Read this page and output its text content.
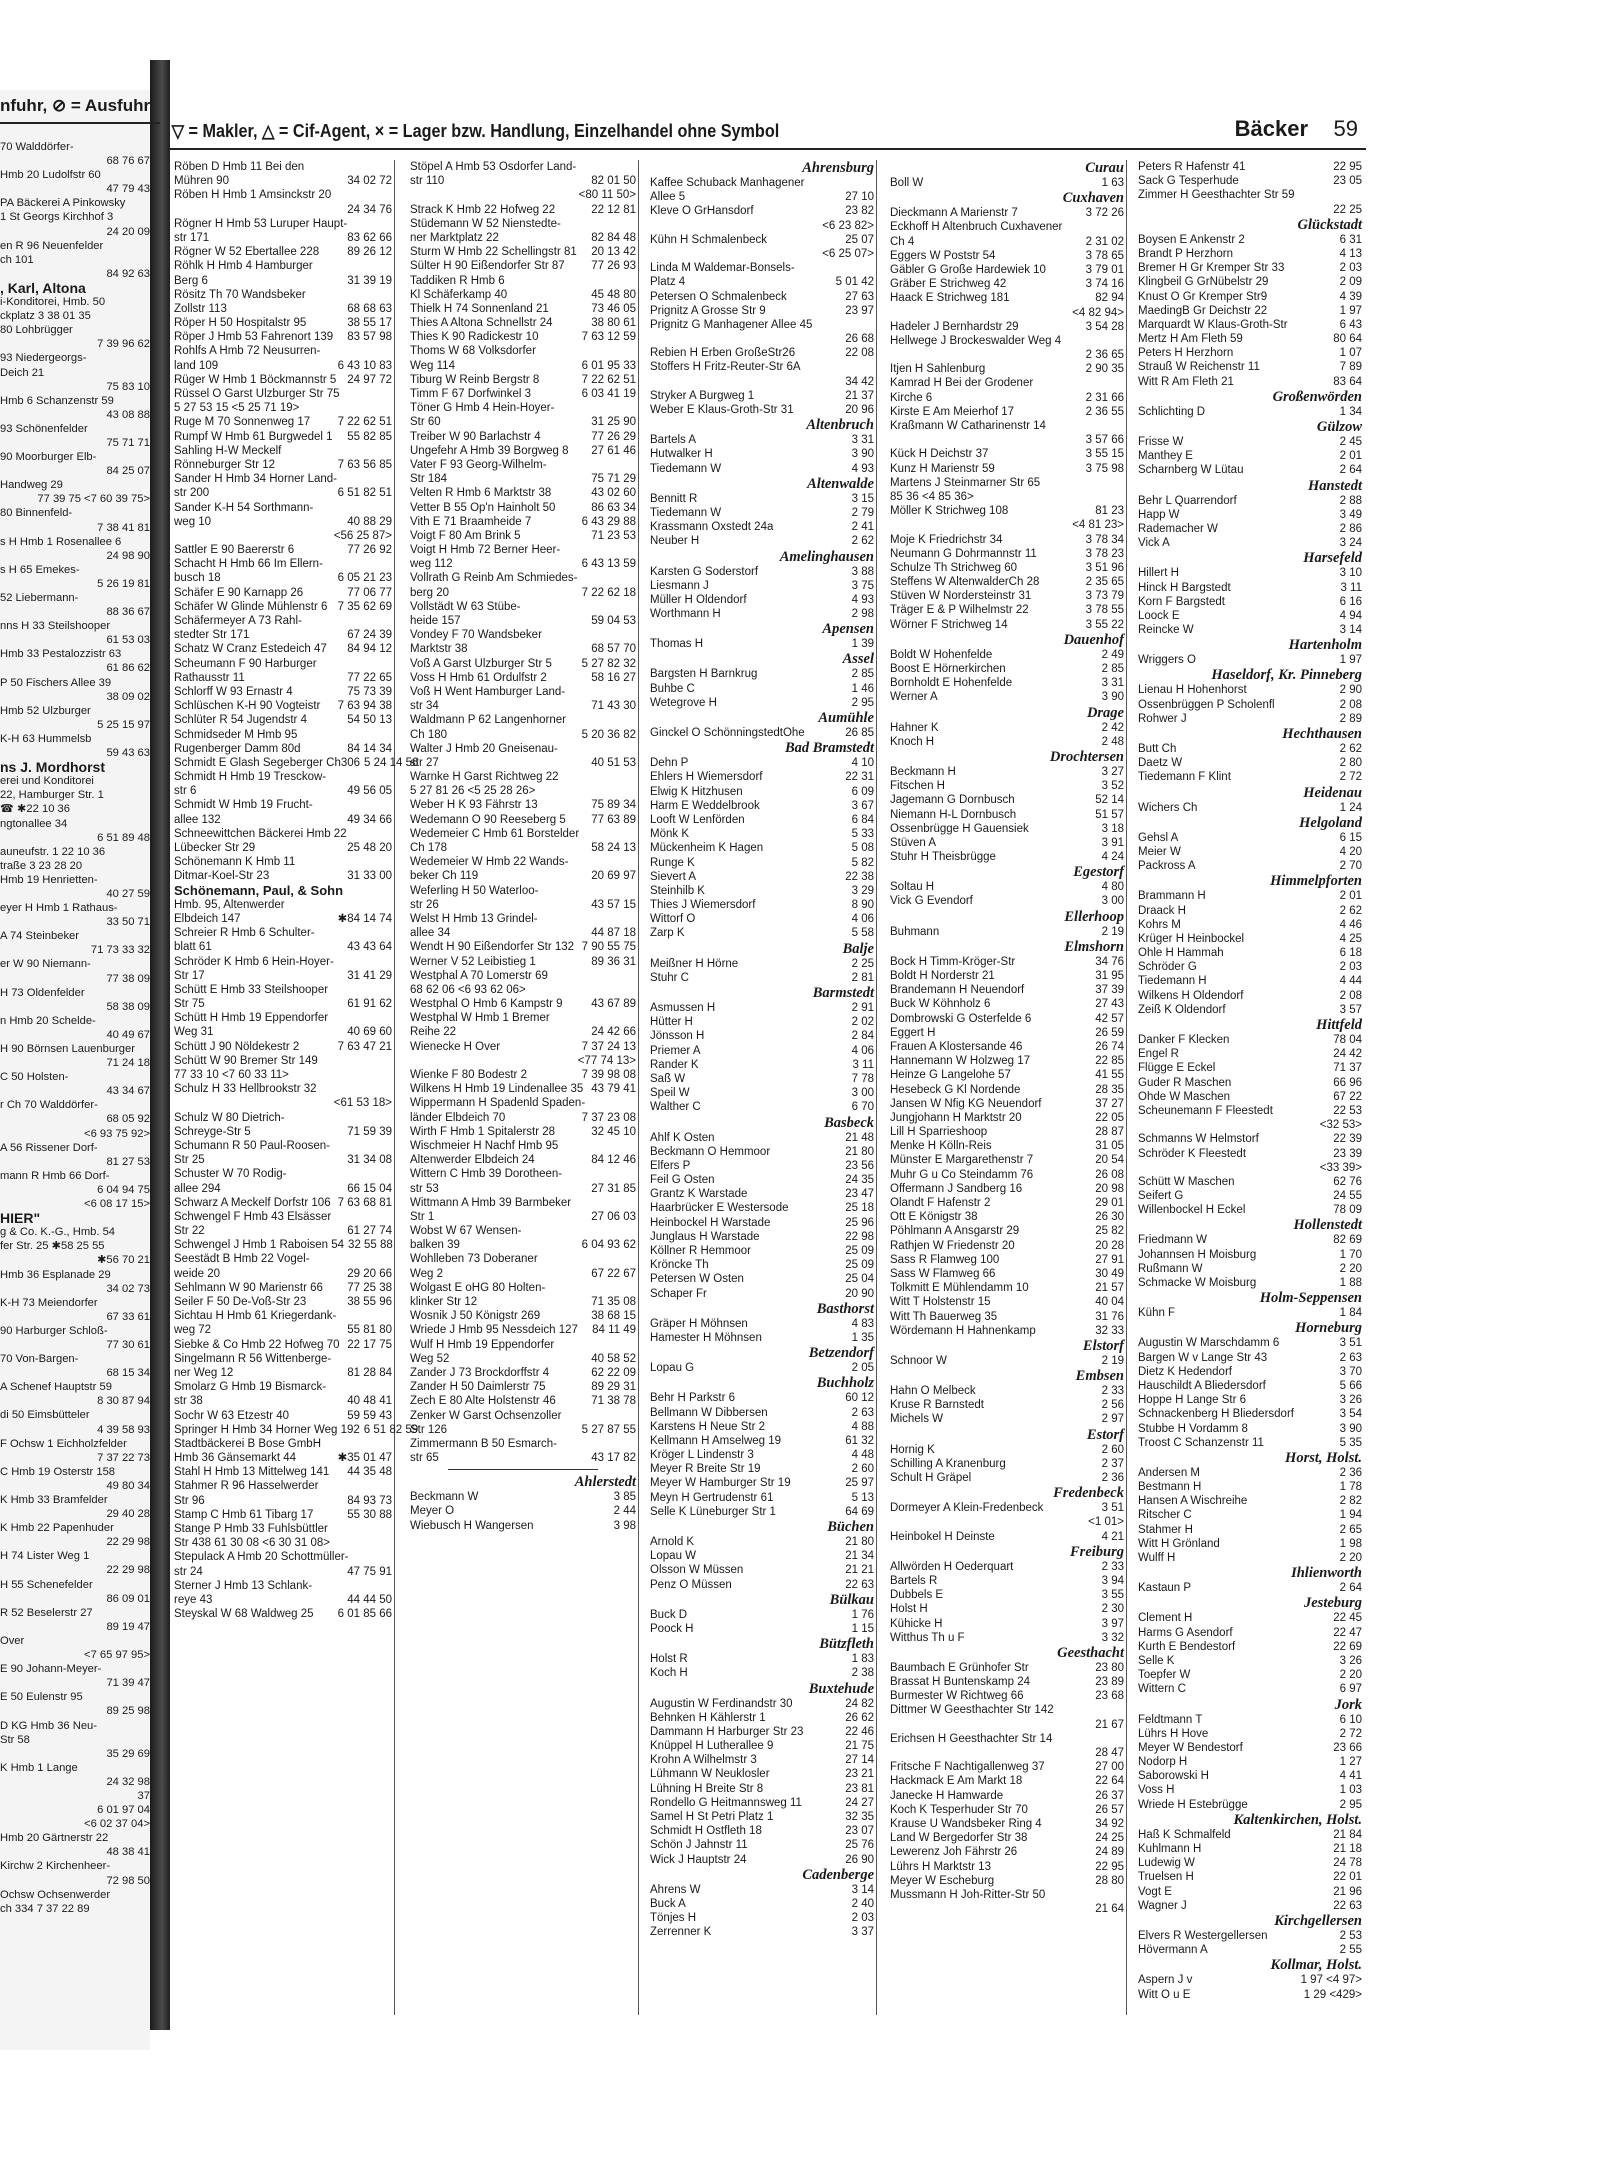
nfuhr, ⊘ = Ausfuhr
70 Walddörfer-
68 76 67
Hmb 20 Ludolfstr 60
47 79 43
PA Bäckerei A Pinkowsky
1 St Georgs Kirchhof 3
24 20 09
en R 96 Neuenfelder
ch 101
84 92 63
, Karl, Altona
i-Konditorei, Hmb. 50
ckplatz 3 38 01 35
80 Lohbrügger
7 39 96 62
93 Niedergeorgs-
Deich 21
75 83 10
Hmb 6 Schanzenstr 59
43 08 88
93 Schönenfelder
75 71 71
90 Moorburger Elb-
84 25 07
Handweg 29
77 39 75 <7 60 39 75>
80 Binnenfeld-
7 38 41 81
s H Hmb 1 Rosenallee 6
24 98 90
s H 65 Emekes-
5 26 19 81
52 Liebermann-
88 36 67
nns H 33 Steilshooper
61 53 03
Hmb 33 Pestalozzistr 63
61 86 62
P 50 Fischers Allee 39
38 09 02
Hmb 52 Ulzburger
5 25 15 97
K-H 63 Hummelsb
59 43 63
ns J. Mordhorst
erei und Konditorei
22, Hamburger Str. 1
☎ ✱22 10 36
ngtonallee 34
6 51 89 48
auneufstr. 1 22 10 36
traße 3 23 28 20
Hmb 19 Henrietten-
40 27 59
eyer H Hmb 1 Rathaus-
33 50 71
A 74 Steinbeker
71 73 33 32
er W 90 Niemann-
77 38 09
H 73 Oldenfelder
58 38 09
n Hmb 20 Schelde-
40 49 67
H 90 Börnsen Lauenburger
71 24 18
C 50 Holsten-
43 34 67
r Ch 70 Walddörfer-
68 05 92
<6 93 75 92>
A 56 Rissener Dorf-
81 27 53
mann R Hmb 66 Dorf-
6 04 94 75
<6 08 17 15>
HIER"
g & Co. K.-G., Hmb. 54
fer Str. 25 ✱58 25 55
✱56 70 21
Hmb 36 Esplanade 29
34 02 73
K-H 73 Meiendorfer
67 33 61
90 Harburger Schloß-
77 30 61
70 Von-Bargen-
68 15 34
A Schenef Hauptstr 59
8 30 87 94
di 50 Eimsbütteler
4 39 58 93
F Ochsw 1 Eichholzfelder
7 37 22 73
C Hmb 19 Osterstr 158
49 80 34
K Hmb 33 Bramfelder
29 40 28
K Hmb 22 Papenhuder
22 29 98
H 74 Lister Weg 1
22 29 98
H 55 Schenefelder
86 09 01
R 52 Beselerstr 27
89 19 47
Over
<7 65 97 95>
E 90 Johann-Meyer-
71 39 47
E 50 Eulenstr 95
89 25 98
D KG Hmb 36 Neu-
Str 58
35 29 69
K Hmb 1 Lange
24 32 98
37
6 01 97 04
<6 02 37 04>
Hmb 20 Gärtnerstr 22
48 38 41
Kirchw 2 Kirchenheer-
72 98 50
Ochsw Ochsenwerder
ch 334 7 37 22 89
▽ = Makler, △ = Cif-Agent, × = Lager bzw. Handlung, Einzelhandel ohne Symbol	Bäcker 59
Röben D Hmb 11 Bei den
Mühren 90	34 02 72
Röben H Hmb 1 Amsinckstr 20
24 34 76
Rögner H Hmb 53 Luruper Haupt-
str 171	83 62 66
Rögner W 52 Ebertallee 228	89 26 12
Röhlk H Hmb 4 Hamburger
Berg 6	31 39 19
Rösitz Th 70 Wandsbeker
Zollstr 113	68 68 63
Röper H 50 Hospitalstr 95	38 55 17
Röper J Hmb 53 Fahrenort 139	83 57 98
Rohlfs A Hmb 72 Neusurren-
land 109	6 43 10 83
Rüger W Hmb 1 Böckmannstr 5 24 97 72
Rüssel O Garst Ulzburger Str 75
5 27 53 15 <5 25 71 19>
Ruge M 70 Sonnenweg 17	7 22 62 51
Rumpf W Hmb 61 Burgwedel 1	55 82 85
Sahling H-W Meckelf
Rönneburger Str 12	7 63 56 85
Sander H Hmb 34 Horner Land-
str 200	6 51 82 51
Sander K-H 54 Sorthmann-
weg 10	40 88 29
<56 25 87>
Sattler E 90 Baererstr 6	77 26 92
Schacht H Hmb 66 Im Ellern-
busch 18	6 05 21 23
Schäfer E 90 Karnapp 26	77 06 77
Schäfer W Glinde Mühlenstr 6 7 35 62 69
Schäfermeyer A 73 Rahl-
stedter Str 171	67 24 39
Schatz W Cranz Estedeich 47	84 94 12
Scheumann F 90 Harburger
Rathausstr 11	77 22 65
Schlorff W 93 Ernastr 4	75 73 39
Schlüschen K-H 90 Vogteistr	7 63 94 38
Schlüter R 54 Jugendstr 4	54 50 13
Schmidseder M Hmb 95
Rugenberger Damm 80d	84 14 34
Schmidt E Glash Segeberger Ch306 5 24 14 56
Schmidt H Hmb 19 Tresckow-
str 6	49 56 05
Schmidt W Hmb 19 Frucht-
allee 132	49 34 66
Schneewittchen Bäckerei Hmb 22
Lübecker Str 29	25 48 20
Schönemann K Hmb 11
Ditmar-Koel-Str 23	31 33 00
Schönemann, Paul, & Sohn
Hmb. 95, Altenwerder
Elbdeich 147	✱84 14 74
Schreier R Hmb 6 Schulter-
blatt 61	43 43 64
Schröder K Hmb 6 Hein-Hoyer-
Str 17	31 41 29
Schütt E Hmb 33 Steilshooper
Str 75	61 91 62
Schütt H Hmb 19 Eppendorfer
Weg 31	40 69 60
Schütt J 90 Nöldekestr 2	7 63 47 21
Schütt W 90 Bremer Str 149
77 33 10 <7 60 33 11>
Schulz H 33 Hellbrookstr 32
<61 53 18>
Schulz W 80 Dietrich-
Schreyge-Str 5	71 59 39
Schumann R 50 Paul-Roosen-
Str 25	31 34 08
Schuster W 70 Rodig-
allee 294	66 15 04
Schwarz A Meckelf Dorfstr 106 7 63 68 81
Schwengel F Hmb 43 Elsässer
Str 22	61 27 74
Schwengel J Hmb 1 Raboisen 54 32 55 88
Seestädt B Hmb 22 Vogel-
weide 20	29 20 66
Sehlmann W 90 Marienstr 66	77 25 38
Seiler F 50 De-Voß-Str 23	38 55 96
Sichtau H Hmb 61 Kriegerdank-
weg 72	55 81 80
Siebke & Co Hmb 22 Hofweg 70 22 17 75
Singelmann R 56 Wittenberge-
ner Weg 12	81 28 84
Smolarz G Hmb 19 Bismarck-
str 38	40 48 41
Sochr W 63 Etzestr 40	59 59 43
Springer H Hmb 34 Horner Weg 192 6 51 82 59
Stadtbäckerei B Bose GmbH
Hmb 36 Gänsemarkt 44	✱35 01 47
Stahl H Hmb 13 Mittelweg 141	44 35 48
Stahmer R 96 Hasselwerder
Str 96	84 93 73
Stamp C Hmb 61 Tibarg 17	55 30 88
Stange P Hmb 33 Fuhlsbüttler
Str 438 61 30 08 <6 30 31 08>
Stepulack A Hmb 20 Schottmüller-
str 24	47 75 91
Sterner J Hmb 13 Schlank-
reye 43	44 44 50
Steyskal W 68 Waldweg 25	6 01 85 66
Stöpel A Hmb 53 Osdorfer Land-
str 110	82 01 50
<80 11 50>
Strack K Hmb 22 Hofweg 22	22 12 81
Stüdemann W 52 Nienstedte-
ner Marktplatz 22	82 84 48
Sturm W Hmb 22 Schellingstr 81	20 13 42
Sülter H 90 Eißendorfer Str 87	77 26 93
Taddiken R Hmb 6
Kl Schäferkamp 40	45 48 80
Thielk H 74 Sonnenland 21	73 46 05
Thies A Altona Schnellstr 24	38 80 61
Thies K 90 Radickestr 10	7 63 12 59
Thoms W 68 Volksdorfer
Weg 114	6 01 95 33
Tiburg W Reinb Bergstr 8	7 22 62 51
Timm F 67 Dorfwinkel 3	6 03 41 19
Töner G Hmb 4 Hein-Hoyer-
Str 60	31 25 90
Treiber W 90 Barlachstr 4	77 26 29
Ungefehr A Hmb 39 Borgweg 8	27 61 46
Vater F 93 Georg-Wilhelm-
Str 184	75 71 29
Velten R Hmb 6 Marktstr 38	43 02 60
Vetter B 55 Op'n Hainholt 50	86 63 34
Vith E 71 Braamheide 7	6 43 29 88
Voigt F 80 Am Brink 5	71 23 53
Voigt H Hmb 72 Berner Heer-
weg 112	6 43 13 59
Vollrath G Reinb Am Schmiedes-
berg 20	7 22 62 18
Vollstädt W 63 Stübe-
heide 157	59 04 53
Vondey F 70 Wandsbeker
Marktstr 38	68 57 70
Voß A Garst Ulzburger Str 5	5 27 82 32
Voss H Hmb 61 Ordulfstr 2	58 16 27
Voß H Went Hamburger Land-
str 34	71 43 30
Waldmann P 62 Langenhorner
Ch 180	5 20 36 82
Walter J Hmb 20 Gneisenau-
str 27	40 51 53
Warnke H Garst Richtweg 22
5 27 81 26 <5 25 28 26>
Weber H K 93 Fährstr 13	75 89 34
Wedemann O 90 Reeseberg 5	77 63 89
Wedemeier C Hmb 61 Borstelder
Ch 178	58 24 13
Wedemeier W Hmb 22 Wands-
beker Ch 119	20 69 97
Weferling H 50 Waterloo-
str 26	43 57 15
Welst H Hmb 13 Grindel-
allee 34	44 87 18
Wendt H 90 Eißendorfer Str 132 7 90 55 75
Werner V 52 Leibistieg 1	89 36 31
Westphal A 70 Lomerstr 69
68 62 06 <6 93 62 06>
Westphal O Hmb 6 Kampstr 9	43 67 89
Westphal W Hmb 1 Bremer
Reihe 22	24 42 66
Wienecke H Over	7 37 24 13
<77 74 13>
Wienke F 80 Bodestr 2	7 39 98 08
Wilkens H Hmb 19 Lindenallee 35 43 79 41
Wippermann H Spadenld Spaden-
länder Elbdeich 70	7 37 23 08
Wirth F Hmb 1 Spitalerstr 28	32 45 10
Wischmeier H Nachf Hmb 95
Altenwerder Elbdeich 24	84 12 46
Wittern C Hmb 39 Dorotheen-
str 53	27 31 85
Wittmann A Hmb 39 Barmbeker
Str 1	27 06 03
Wobst W 67 Wensen-
balken 39	6 04 93 62
Wohlleben 73 Doberaner
Weg 2	67 22 67
Wolgast E oHG 80 Holten-
klinker Str 12	71 35 08
Wosnik J 50 Königstr 269	38 68 15
Wriede J Hmb 95 Nessdeich 127	84 11 49
Wulf H Hmb 19 Eppendorfer
Weg 52	40 58 52
Zander J 73 Brockdorffstr 4	62 22 09
Zander H 50 Daimlerstr 75	89 29 31
Zech E 80 Alte Holstenstr 46	71 38 78
Zenker W Garst Ochsenzoller
Str 126	5 27 87 55
Zimmermann B 50 Esmarch-
str 65	43 17 82
Ahlerstedt
Beckmann W	3 85
Meyer O	2 44
Wiebusch H Wangersen	3 98
Ahrensburg
Kaffee Schuback Manhagener
Allee 5	27 10
Kleve O GrHansdorf	23 82
<6 23 82>
Kühn H Schmalenbeck	25 07
<6 25 07>
Linda M Waldemar-Bonsels-
Platz 4	5 01 42
Petersen O Schmalenbeck	27 63
Prignitz A Grosse Str 9	23 97
Prignitz G Manhagener Allee 45
26 68
Rebien H Erben GroßeStr26	22 08
Stoffers H Fritz-Reuter-Str 6A
34 42
Stryker A Burgweg 1	21 37
Weber E Klaus-Groth-Str 31	20 96
Altenbruch
Bartels A	3 31
Hutwalker H	3 90
Tiedemann W	4 93
Altenwalde
Bennitt R	3 15
Tiedemann W	2 79
Krassmann Oxstedt 24a	2 41
Neuber H	2 62
Amelinghausen
Karsten G Soderstorf	3 88
Liesmann J	3 75
Müller H Oldendorf	4 93
Worthmann H	2 98
Apensen
Thomas H	1 39
Assel
Bargsten H Barnkrug	2 85
Buhbe C	1 46
Wetegrove H	2 95
Aumühle
Ginckel O SchönningstedtOhe	26 85
Bad Bramstedt
Dehn P	4 10
Ehlers H Wiemersdorf	22 31
Elwig K Hitzhusen	6 09
Harm E Weddelbrook	3 67
Looft W Lenförden	6 84
Mönk K	5 33
Mückenheim K Hagen	5 08
Runge K	5 82
Sievert A	22 38
Steinhilb K	3 29
Thies J Wiemersdorf	8 90
Wittorf O	4 06
Zarp K	5 58
Balje
Meißner H Hörne	2 25
Stuhr C	2 81
Barmstedt
Asmussen H	2 91
Hütter H	2 02
Jönsson H	2 84
Priemer A	4 06
Rander K	3 11
Saß W	7 78
Speil W	3 00
Walther C	6 70
Basbeck
Ahlf K Osten	21 48
Beckmann O Hemmoor	21 80
Elfers P	23 56
Feil G Osten	24 35
Grantz K Warstade	23 47
Haarbrücker E Westersode	25 18
Heinbockel H Warstade	25 96
Junglaus H Warstade	22 98
Köllner R Hemmoor	25 09
Kröncke Th	25 09
Petersen W Osten	25 04
Schaper Fr	20 90
Basthorst
Gräper H Möhnsen	4 83
Hamester H Möhnsen	1 35
Betzendorf
Lopau G	2 05
Buchholz
Behr H Parkstr 6	60 12
Bellmann W Dibbersen	2 63
Karstens H Neue Str 2	4 88
Kellmann H Amselweg 19	61 32
Kröger L Lindenstr 3	4 48
Meyer R Breite Str 19	2 60
Meyer W Hamburger Str 19	25 97
Meyn H Gertrudenstr 61	5 13
Selle K Lüneburger Str 1	64 69
Büchen
Arnold K	21 80
Lopau W	21 34
Olsson W Müssen	21 21
Penz O Müssen	22 63
Bülkau
Buck D	1 76
Poock H	1 15
Bützfleth
Holst R	1 83
Koch H	2 38
Buxtehude
Augustin W Ferdinandstr 30	24 82
Behnken H Kählerstr 1	26 62
Dammann H Harburger Str 23	22 46
Knüppel H Lutherallee 9	21 75
Krohn A Wilhelmstr 3	27 14
Lühmann W Neuklosler	23 21
Lühning H Breite Str 8	23 81
Rondello G Heitmannsweg 11	24 27
Samel H St Petri Platz 1	32 35
Schmidt H Ostfleth 18	23 07
Schön J Jahnstr 11	25 76
Wick J Hauptstr 24	26 90
Cadenberge
Ahrens W	3 14
Buck A	2 40
Tönjes H	2 03
Zerrenner K	3 37
Curau
Boll W	1 63
Cuxhaven
Dieckmann A Marienstr 7	3 72 26
Eckhoff H Altenbruch Cuxhavener
Ch 4	2 31 02
Eggers W Poststr 54	3 78 65
Gäbler G Große Hardewiek 10	3 79 01
Gräber E Strichweg 42	3 74 16
Haack E Strichweg 181	82 94
<4 82 94>
Hadeler J Bernhardstr 29	3 54 28
Hellwege J Brockeswalder Weg 4
2 36 65
Itjen H Sahlenburg	2 90 35
Kamrad H Bei der Grodener
Kirche 6	2 31 66
Kirste E Am Meierhof 17	2 36 55
Kraßmann W Catharinenstr 14
3 57 66
Kück H Deichstr 37	3 55 15
Kunz H Marienstr 59	3 75 98
Martens J Steinmarner Str 65
85 36 <4 85 36>
Möller K Strichweg 108	81 23
<4 81 23>
Moje K Friedrichstr 34	3 78 34
Neumann G Dohrmannstr 11	3 78 23
Schulze Th Strichweg 60	3 51 96
Steffens W AltenwalderCh 28	2 35 65
Stüven W Nordersteinstr 31	3 73 79
Träger E & P Wilhelmstr 22	3 78 55
Wörner F Strichweg 14	3 55 22
Dauenhof
Boldt W Hohenfelde	2 49
Boost E Hörnerkirchen	2 85
Bornholdt E Hohenfelde	3 31
Werner A	3 90
Drage
Hahner K	2 42
Knoch H	2 48
Drochtersen
Beckmann H	3 27
Fitschen H	3 52
Jagemann G Dornbusch	52 14
Niemann H-L Dornbusch	51 57
Ossenbrügge H Gauensiek	3 18
Stüven A	3 91
Stuhr H Theisbrügge	4 24
Egestorf
Soltau H	4 80
Vick G Evendorf	3 00
Ellerhoop
Buhmann	2 19
Elmshorn
Bock H Timm-Kröger-Str	34 76
Boldt H Norderstr 21	31 95
Brandemann H Neuendorf	37 39
Buck W Köhnholz 6	27 43
Dombrowski G Osterfelde 6	42 57
Eggert H	26 59
Frauen A Klostersande 46	26 74
Hannemann W Holzweg 17	22 85
Heinze G Langelohe 57	41 55
Hesebeck G Kl Nordende	28 35
Jansen W Nfig KG Neuendorf	37 27
Jungjohann H Marktstr 20	22 05
Lill H Sparrieshoop	28 87
Menke H Kölln-Reis	31 05
Münster E Margarethenstr 7	20 54
Muhr G u Co Steindamm 76	26 08
Offermann J Sandberg 16	20 98
Olandt F Hafenstr 2	29 01
Ott E Königstr 38	26 30
Pöhlmann A Ansgarstr 29	25 82
Rathjen W Friedenstr 20	20 28
Sass R Flamweg 100	27 91
Sass W Flamweg 66	30 49
Tolkmitt E Mühlendamm 10	21 57
Witt T Holstenstr 15	40 04
Witt Th Bauerweg 35	31 76
Wördemann H Hahnenkamp	32 33
Elstorf
Schnoor W	2 19
Embsen
Hahn O Melbeck	2 33
Kruse R Barnstedt	2 56
Michels W	2 97
Estorf
Hornig K	2 60
Schilling A Kranenburg	2 37
Schult H Gräpel	2 36
Fredenbeck
Dormeyer A Klein-Fredenbeck	3 51
<1 01>
Heinbokel H Deinste	4 21
Freiburg
Allwörden H Oederquart	2 33
Bartels R	3 94
Dubbels E	3 55
Holst H	2 30
Kühicke H	3 97
Witthus Th u F	3 32
Geesthacht
Baumbach E Grünhofer Str	23 80
Brassat H Buntenskamp 24	23 89
Burmester W Richtweg 66	23 68
Dittmer W Geesthachter Str 142
21 67
Erichsen H Geesthachter Str 14
28 47
Fritsche F Nachtigallenweg 37	27 00
Hackmack E Am Markt 18	22 64
Janecke H Hamwarde	26 37
Koch K Tesperhuder Str 70	26 57
Krause U Wandsbeker Ring 4	34 92
Land W Bergedorfer Str 38	24 25
Lewerenz Joh Fährstr 26	24 89
Lührs H Marktstr 13	22 95
Meyer W Escheburg	28 80
Mussmann H Joh-Ritter-Str 50
21 64
Peters R Hafenstr 41	22 95
Sack G Tesperhude	23 05
Zimmer H Geesthachter Str 59
22 25
Glückstadt
Boysen E Ankenstr 2	6 31
Brandt P Herzhorn	4 13
Bremer H Gr Kremper Str 33	2 03
Klingbeil G GrNübelstr 29	2 09
Knust O Gr Kremper Str9	4 39
MaedingB Gr Deichstr 22	1 97
Marquardt W Klaus-Groth-Str	6 43
Mertz H Am Fleth 59	80 64
Peters H Herzhorn	1 07
Strauß W Reichenstr 11	7 89
Witt R Am Fleth 21	83 64
Großenwörden
Schlichting D	1 34
Gülzow
Frisse W	2 45
Manthey E	2 01
Scharnberg W Lütau	2 64
Hanstedt
Behr L Quarrendorf	2 88
Happ W	3 49
Rademacher W	2 86
Vick A	3 24
Harsefeld
Hillert H	3 10
Hinck H Bargstedt	3 11
Korn F Bargstedt	6 16
Loock E	4 94
Reincke W	3 14
Hartenholm
Wriggers O	1 97
Haseldorf, Kr. Pinneberg
Lienau H Hohenhorst	2 90
Ossenbrüggen P Scholenfl	2 08
Rohwer J	2 89
Hechthausen
Butt Ch	2 62
Daetz W	2 80
Tiedemann F Klint	2 72
Heidenau
Wichers Ch	1 24
Helgoland
Gehsl A	6 15
Meier W	4 20
Packross A	2 70
Himmelpforten
Brammann H	2 01
Draack H	2 62
Kohrs M	4 46
Krüger H Heinbockel	4 25
Ohle H Hammah	6 18
Schröder G	2 03
Tiedemann H	4 44
Wilkens H Oldendorf	2 08
Zeiß K Oldendorf	3 57
Hittfeld
Danker F Klecken	78 04
Engel R	24 42
Flügge E Eckel	71 37
Guder R Maschen	66 96
Ohde W Maschen	67 22
Scheunemann F Fleestedt	22 53
<32 53>
Schmanns W Helmstorf	22 39
Schröder K Fleestedt	23 39
<33 39>
Schütt W Maschen	62 76
Seifert G	24 55
Willenbockel H Eckel	78 09
Hollenstedt
Friedmann W	82 69
Johannsen H Moisburg	1 70
Rußmann W	2 20
Schmacke W Moisburg	1 88
Holm-Seppensen
Kühn F	1 84
Horneburg
Augustin W Marschdamm 6	3 51
Bargen W v Lange Str 43	2 63
Dietz K Hedendorf	3 70
Hauschildt A Bliedersdorf	5 66
Hoppe H Lange Str 6	3 26
Schnackenberg H Bliedersdorf	3 54
Stubbe H Vordamm 8	3 90
Troost C Schanzenstr 11	5 35
Horst, Holst.
Andersen M	2 36
Bestmann H	1 78
Hansen A Wischreihe	2 82
Ritscher C	1 94
Stahmer H	2 65
Witt H Grönland	1 98
Wulff H	2 20
Ihlienworth
Kastaun P	2 64
Jesteburg
Clement H	22 45
Harms G Asendorf	22 47
Kurth E Bendestorf	22 69
Selle K	3 26
Toepfer W	2 20
Wittern C	6 97
Jork
Feldtmann T	6 10
Lührs H Hove	2 72
Meyer W Bendestorf	23 66
Nodorp H	1 27
Saborowski H	4 41
Voss H	1 03
Wriede H Estebrügge	2 95
Kaltenkirchen, Holst.
Haß K Schmalfeld	21 84
Kuhlmann H	21 18
Ludewig W	24 78
Truelsen H	22 01
Vogt E	21 96
Wagner J	22 63
Kirchgellersen
Elvers R Westergellersen	2 53
Hövermann A	2 55
Kollmar, Holst.
Aspern J v	1 97 <4 97>
Witt O u E	1 29 <429>
